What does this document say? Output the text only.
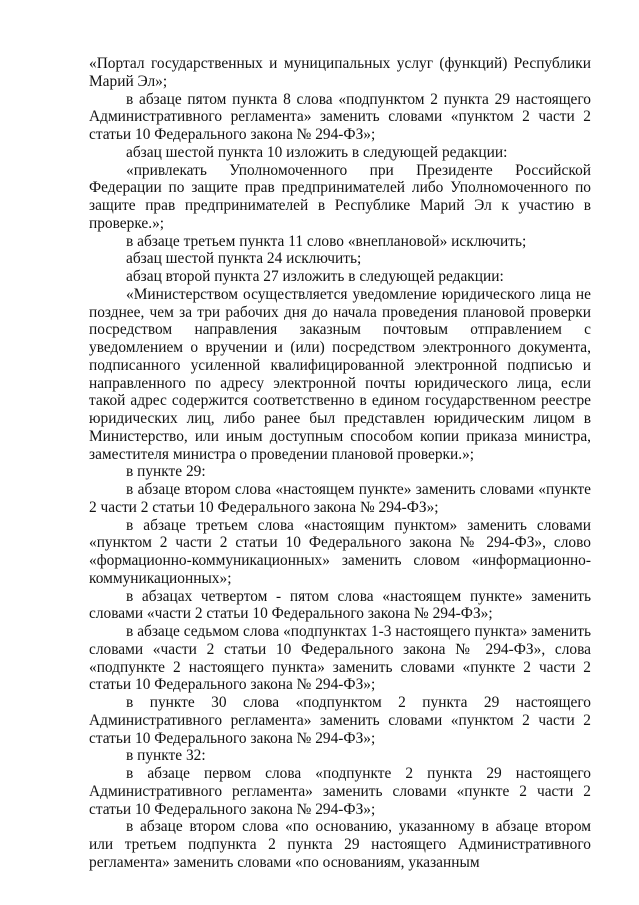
«Портал государственных и муниципальных услуг (функций) Республики Марий Эл»;

в абзаце пятом пункта 8 слова «подпунктом 2 пункта 29 настоящего Административного регламента» заменить словами «пунктом 2 части 2 статьи 10 Федерального закона № 294-ФЗ»;

абзац шестой пункта 10 изложить в следующей редакции:

«привлекать Уполномоченного при Президенте Российской Федерации по защите прав предпринимателей либо Уполномоченного по защите прав предпринимателей в Республике Марий Эл к участию в проверке.»;

в абзаце третьем пункта 11 слово «внеплановой» исключить;

абзац шестой пункта 24 исключить;

абзац второй пункта 27 изложить в следующей редакции:

«Министерством осуществляется уведомление юридического лица не позднее, чем за три рабочих дня до начала проведения плановой проверки посредством направления заказным почтовым отправлением с уведомлением о вручении и (или) посредством электронного документа, подписанного усиленной квалифицированной электронной подписью и направленного по адресу электронной почты юридического лица, если такой адрес содержится соответственно в едином государственном реестре юридических лиц, либо ранее был представлен юридическим лицом в Министерство, или иным доступным способом копии приказа министра, заместителя министра о проведении плановой проверки.»;

в пункте 29:

в абзаце втором слова «настоящем пункте» заменить словами «пункте 2 части 2 статьи 10 Федерального закона № 294-ФЗ»;

в абзаце третьем слова «настоящим пунктом» заменить словами «пунктом 2 части 2 статьи 10 Федерального закона № 294-ФЗ», слово «формационно-коммуникационных» заменить словом «информационно-коммуникационных»;

в абзацах четвертом - пятом слова «настоящем пункте» заменить словами «части 2 статьи 10 Федерального закона № 294-ФЗ»;

в абзаце седьмом слова «подпунктах 1-3 настоящего пункта» заменить словами «части 2 статьи 10 Федерального закона № 294-ФЗ», слова «подпункте 2 настоящего пункта» заменить словами «пункте 2 части 2 статьи 10 Федерального закона № 294-ФЗ»;

в пункте 30 слова «подпунктом 2 пункта 29 настоящего Административного регламента» заменить словами «пунктом 2 части 2 статьи 10 Федерального закона № 294-ФЗ»;

в пункте 32:

в абзаце первом слова «подпункте 2 пункта 29 настоящего Административного регламента» заменить словами «пункте 2 части 2 статьи 10 Федерального закона № 294-ФЗ»;

в абзаце втором слова «по основанию, указанному в абзаце втором или третьем подпункта 2 пункта 29 настоящего Административного регламента» заменить словами «по основаниям, указанным
